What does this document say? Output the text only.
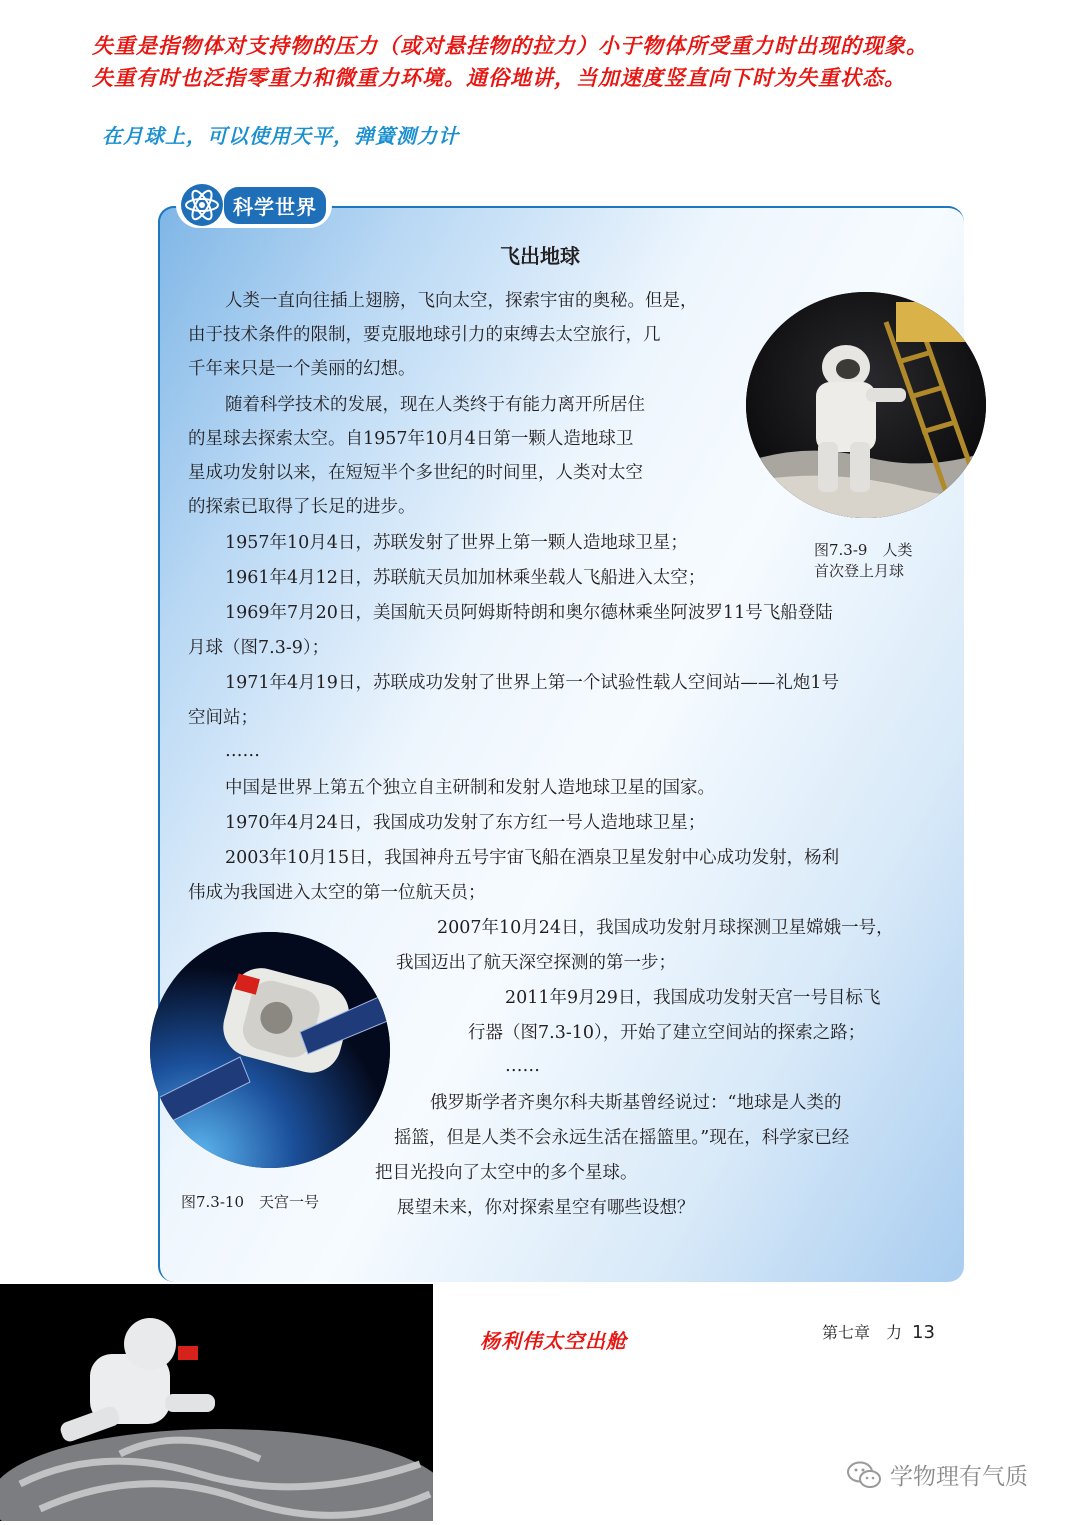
失重是指物体对支持物的压力（或对悬挂物的拉力）小于物体所受重力时出现的现象。
失重有时也泛指零重力和微重力环境。通俗地讲，当加速度竖直向下时为失重状态。
在月球上，可以使用天平，弹簧测力计
科学世界
飞出地球

人类一直向往插上翅膀，飞向太空，探索宇宙的奥秘。但是，

由于技术条件的限制，要克服地球引力的束缚去太空旅行，几

千年来只是一个美丽的幻想。

随着科学技术的发展，现在人类终于有能力离开所居住

的星球去探索太空。自1957年10月4日第一颗人造地球卫

星成功发射以来，在短短半个多世纪的时间里，人类对太空

的探索已取得了长足的进步。

1957年10月4日，苏联发射了世界上第一颗人造地球卫星；

1961年4月12日，苏联航天员加加林乘坐载人飞船进入太空；

1969年7月20日，美国航天员阿姆斯特朗和奥尔德林乘坐阿波罗11号飞船登陆

月球（图7.3-9）；

1971年4月19日，苏联成功发射了世界上第一个试验性载人空间站——礼炮1号

空间站；

……

中国是世界上第五个独立自主研制和发射人造地球卫星的国家。

1970年4月24日，我国成功发射了东方红一号人造地球卫星；

2003年10月15日，我国神舟五号宇宙飞船在酒泉卫星发射中心成功发射，杨利

伟成为我国进入太空的第一位航天员；

2007年10月24日，我国成功发射月球探测卫星嫦娥一号，

我国迈出了航天深空探测的第一步；

2011年9月29日，我国成功发射天宫一号目标飞

行器（图7.3-10），开始了建立空间站的探索之路；

……

俄罗斯学者齐奥尔科夫斯基曾经说过：“地球是人类的

摇篮，但是人类不会永远生活在摇篮里。”现在，科学家已经

把目光投向了太空中的多个星球。

展望未来，你对探索星空有哪些设想？

图7.3-9　人类
首次登上月球
图7.3-10　天宫一号
杨利伟太空出舱	第七章　力 13
学物理有气质
